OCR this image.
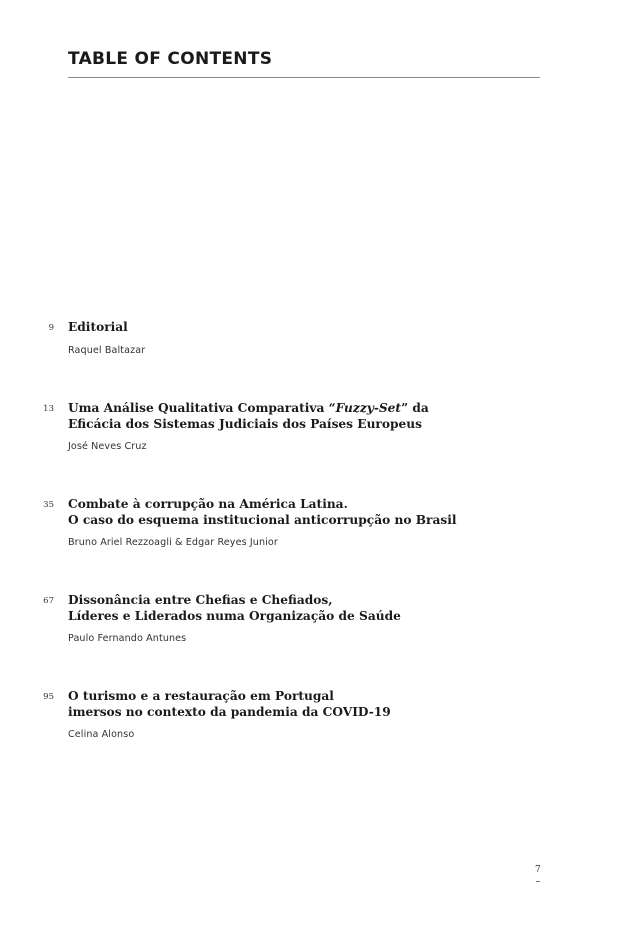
TABLE OF CONTENTS
9 Editorial

Raquel Baltazar
13 Uma Análise Qualitativa Comparativa “Fuzzy-Set” da
Eficácia dos Sistemas Judiciais dos Países Europeus

José Neves Cruz
35 Combate à corrupção na América Latina.
O caso do esquema institucional anticorrupção no Brasil

Bruno Ariel Rezzoagli & Edgar Reyes Junior
67 Dissonância entre Chefias e Chefiados,
Líderes e Liderados numa Organização de Saúde

Paulo Fernando Antunes
95 O turismo e a restauração em Portugal
imersos no contexto da pandemia da COVID-19

Celina Alonso
7
